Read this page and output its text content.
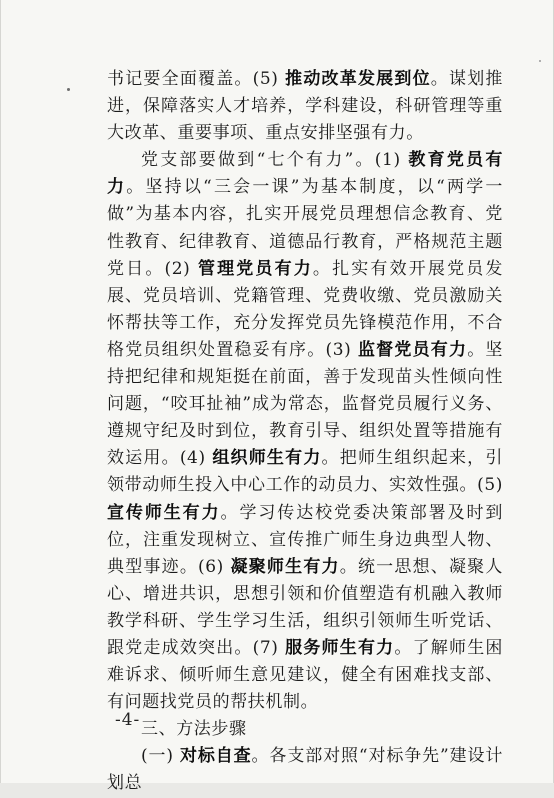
书记要全面覆盖。(5) 推动改革发展到位。谋划推进，保障落实人才培养，学科建设，科研管理等重大改革、重要事项、重点安排坚强有力。

党支部要做到“七个有力”。(1) 教育党员有力。坚持以“三会一课”为基本制度，以“两学一做”为基本内容，扎实开展党员理想信念教育、党性教育、纪律教育、道德品行教育，严格规范主题党日。(2) 管理党员有力。扎实有效开展党员发展、党员培训、党籍管理、党费收缴、党员激励关怀帮扶等工作，充分发挥党员先锋模范作用，不合格党员组织处置稳妥有序。(3) 监督党员有力。坚持把纪律和规矩挺在前面，善于发现苗头性倾向性问题，“咬耳扯袖”成为常态，监督党员履行义务、遵规守纪及时到位，教育引导、组织处置等措施有效运用。(4) 组织师生有力。把师生组织起来，引领带动师生投入中心工作的动员力、实效性强。(5) 宣传师生有力。学习传达校党委决策部署及时到位，注重发现树立、宣传推广师生身边典型人物、典型事迹。(6) 凝聚师生有力。统一思想、凝聚人心、增进共识，思想引领和价值塑造有机融入教师教学科研、学生学习生活，组织引领师生听党话、跟党走成效突出。(7) 服务师生有力。了解师生困难诉求、倾听师生意见建议，健全有困难找支部、有问题找党员的帮扶机制。

三、方法步骤

(一) 对标自查。各支部对照“对标争先”建设计划总

-4-
